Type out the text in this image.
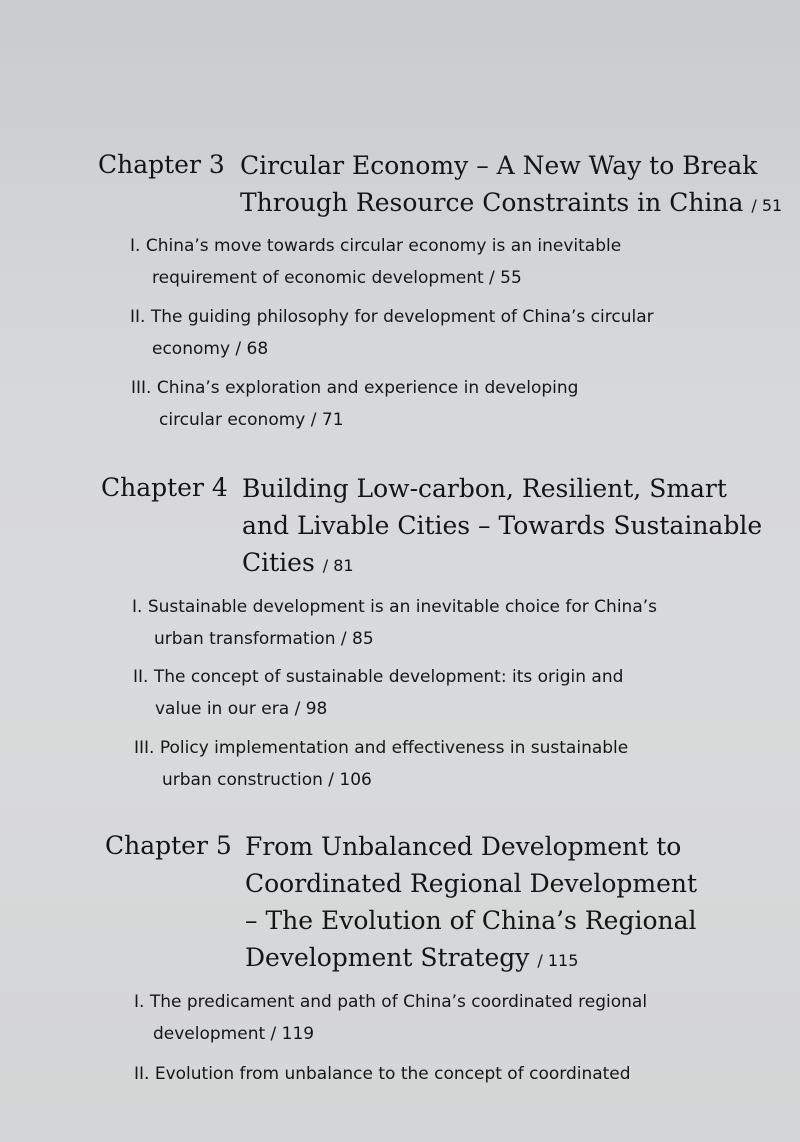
Chapter 3 Circular Economy – A New Way to Break
Through Resource Constraints in China / 51
I. China’s move towards circular economy is an inevitable
requirement of economic development / 55
II. The guiding philosophy for development of China’s circular
economy / 68
III. China’s exploration and experience in developing
circular economy / 71
Chapter 4 Building Low-carbon, Resilient, Smart
and Livable Cities – Towards Sustainable
Cities / 81
I. Sustainable development is an inevitable choice for China’s
urban transformation / 85
II. The concept of sustainable development: its origin and
value in our era / 98
III. Policy implementation and effectiveness in sustainable
urban construction / 106
Chapter 5 From Unbalanced Development to
Coordinated Regional Development
– The Evolution of China’s Regional
Development Strategy / 115
I. The predicament and path of China’s coordinated regional
development / 119
II. Evolution from unbalance to the concept of coordinated
